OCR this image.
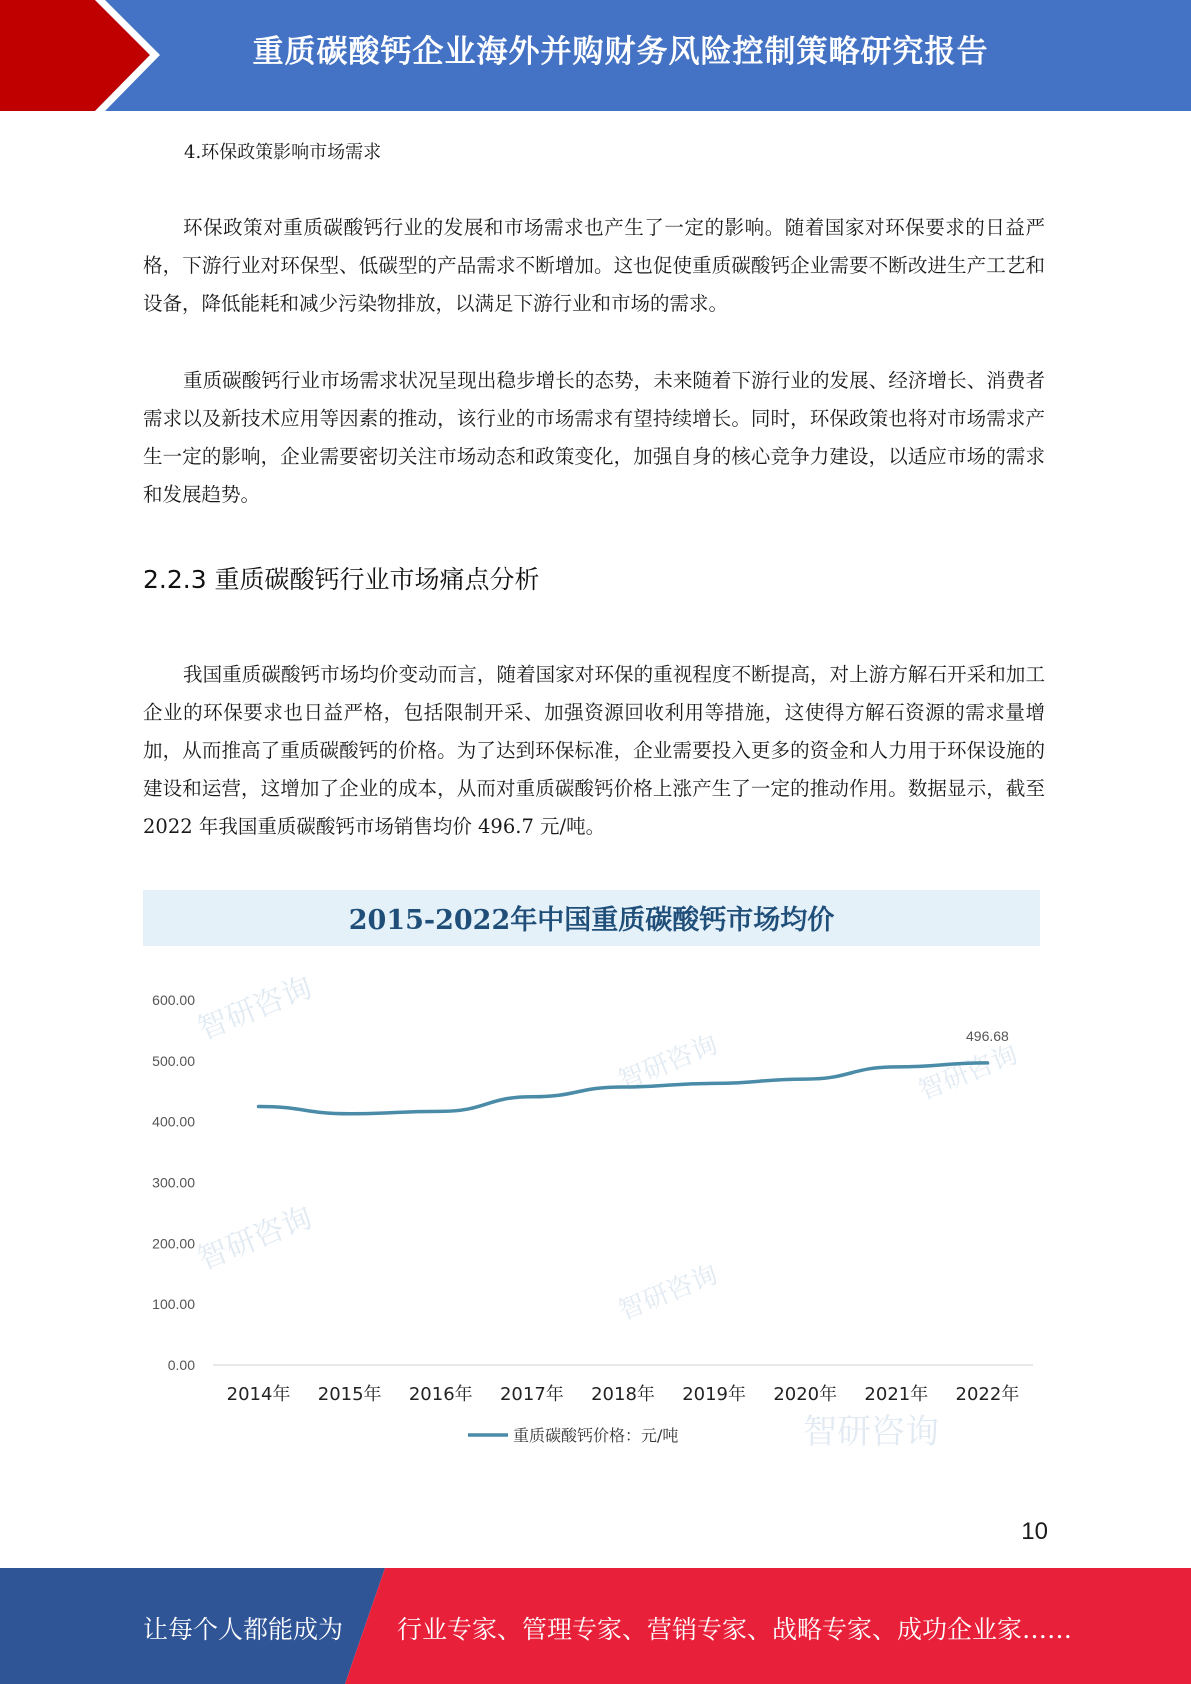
重质碳酸钙企业海外并购财务风险控制策略研究报告
4.环保政策影响市场需求

环保政策对重质碳酸钙行业的发展和市场需求也产生了一定的影响。随着国家对环保要求的日益严格，下游行业对环保型、低碳型的产品需求不断增加。这也促使重质碳酸钙企业需要不断改进生产工艺和设备，降低能耗和减少污染物排放，以满足下游行业和市场的需求。

重质碳酸钙行业市场需求状况呈现出稳步增长的态势，未来随着下游行业的发展、经济增长、消费者需求以及新技术应用等因素的推动，该行业的市场需求有望持续增长。同时，环保政策也将对市场需求产生一定的影响，企业需要密切关注市场动态和政策变化，加强自身的核心竞争力建设，以适应市场的需求和发展趋势。

2.2.3 重质碳酸钙行业市场痛点分析

我国重质碳酸钙市场均价变动而言，随着国家对环保的重视程度不断提高，对上游方解石开采和加工企业的环保要求也日益严格，包括限制开采、加强资源回收利用等措施，这使得方解石资源的需求量增加，从而推高了重质碳酸钙的价格。为了达到环保标准，企业需要投入更多的资金和人力用于环保设施的建设和运营，这增加了企业的成本，从而对重质碳酸钙价格上涨产生了一定的推动作用。数据显示，截至 2022 年我国重质碳酸钙市场销售均价 496.7 元/吨。

2015-2022年中国重质碳酸钙市场均价
智研咨询
智研咨询
智研咨询
智研咨询
智研咨询
0.00
100.00
200.00
300.00
400.00
500.00
600.00
2014年 2015年 2016年 2017年 2018年 2019年 2020年 2021年 2022年
496.68
重质碳酸钙价格：元/吨	智研咨询
10
让每个人都能成为 行业专家、管理专家、营销专家、战略专家、成功企业家……
